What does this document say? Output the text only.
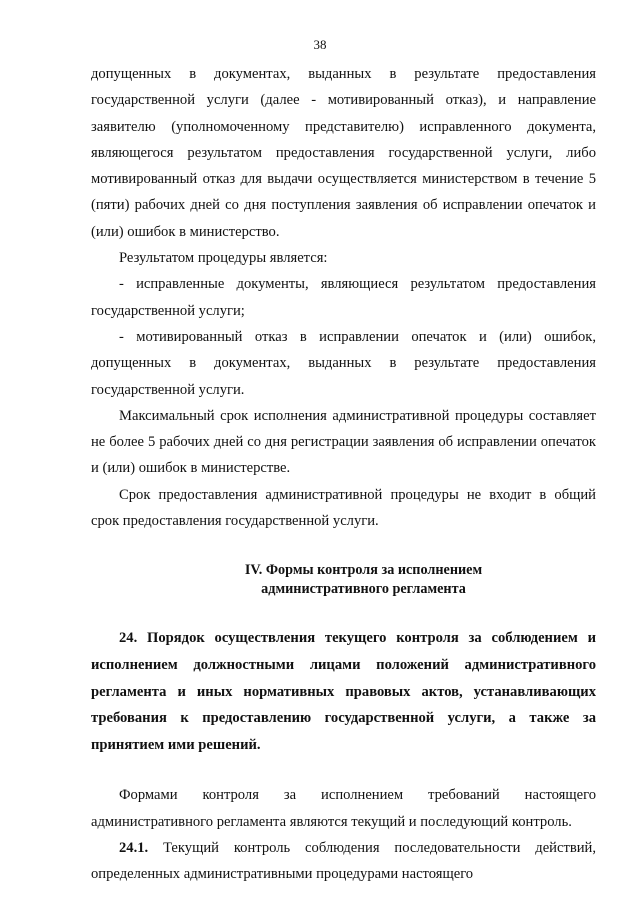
38

допущенных в документах, выданных в результате предоставления государственной услуги (далее - мотивированный отказ), и направление заявителю (уполномоченному представителю) исправленного документа, являющегося результатом предоставления государственной услуги, либо мотивированный отказ для выдачи осуществляется министерством в течение 5 (пяти) рабочих дней со дня поступления заявления об исправлении опечаток и (или) ошибок в министерство.

Результатом процедуры является:

- исправленные документы, являющиеся результатом предоставления государственной услуги;

- мотивированный отказ в исправлении опечаток и (или) ошибок, допущенных в документах, выданных в результате предоставления государственной услуги.

Максимальный срок исполнения административной процедуры составляет не более 5 рабочих дней со дня регистрации заявления об исправлении опечаток и (или) ошибок в министерстве.

Срок предоставления административной процедуры не входит в общий срок предоставления государственной услуги.

IV. Формы контроля за исполнением

административного регламента

24. Порядок осуществления текущего контроля за соблюдением и исполнением должностными лицами положений административного регламента и иных нормативных правовых актов, устанавливающих требования к предоставлению государственной услуги, а также за принятием ими решений.

Формами контроля за исполнением требований настоящего административного регламента являются текущий и последующий контроль.

24.1. Текущий контроль соблюдения последовательности действий, определенных административными процедурами настоящего
